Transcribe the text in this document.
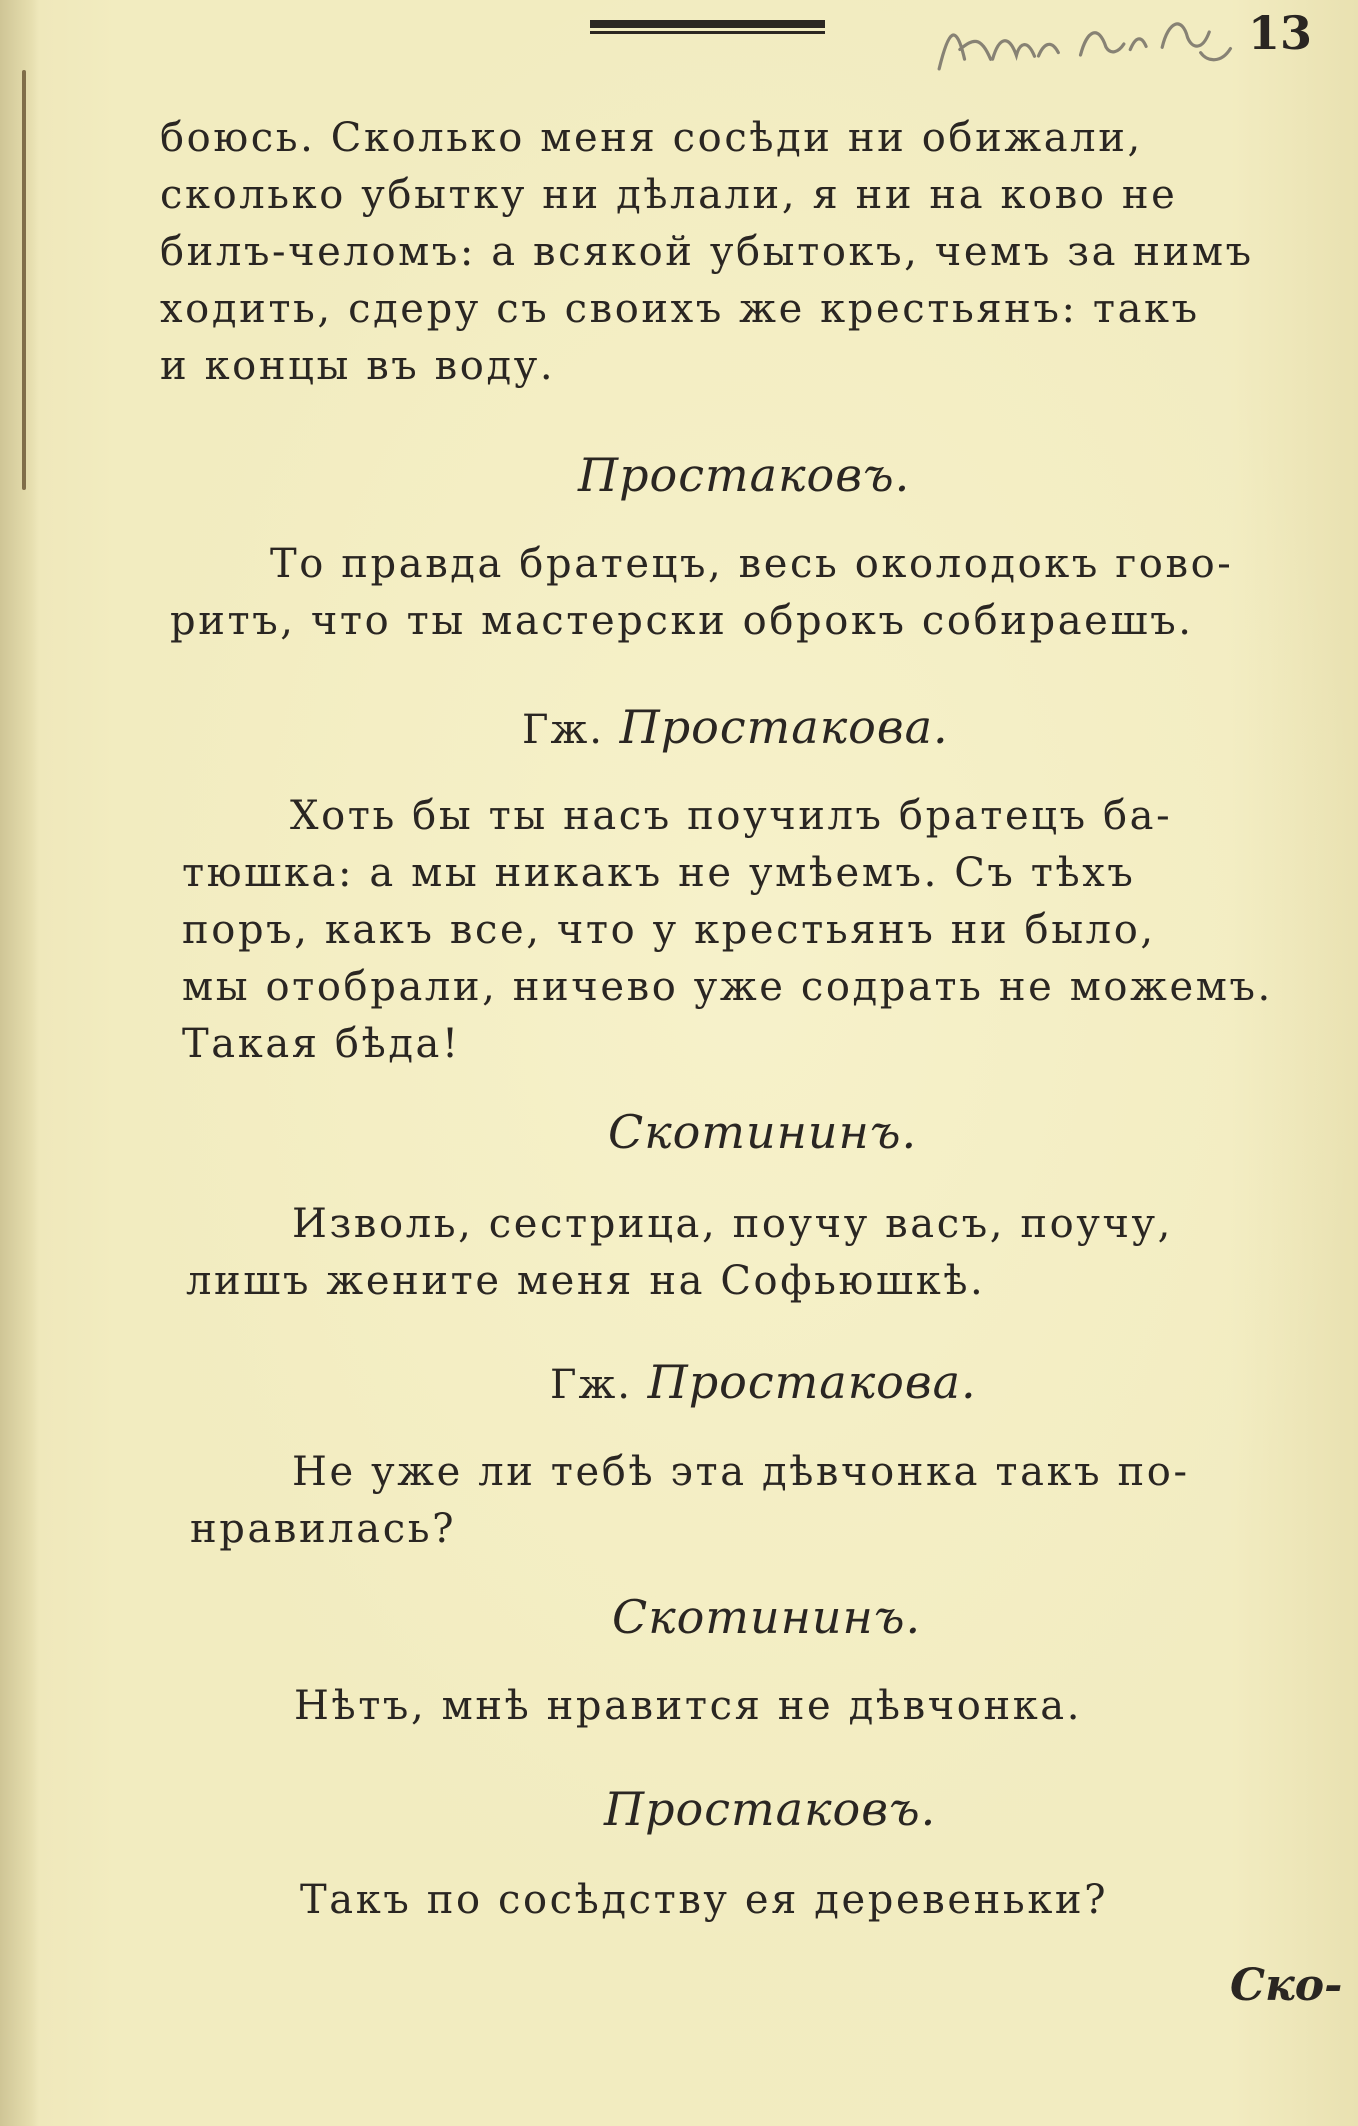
13
боюсь. Сколько меня сосѣди ни обижали,
сколько убытку ни дѣлали, я ни на ково не
билъ-челомъ: а всякой убытокъ, чемъ за нимъ
ходить, сдеру съ своихъ же крестьянъ: такъ
и концы въ воду.
Простаковъ.
То правда братецъ, весь околодокъ гово-
ритъ, что ты мастерски оброкъ собираешъ.
Гж. Простакова.
Хоть бы ты насъ поучилъ братецъ ба-
тюшка: а мы никакъ не умѣемъ. Съ тѣхъ
поръ, какъ все, что у крестьянъ ни было,
мы отобрали, ничево уже содрать не можемъ.
Такая бѣда!
Скотининъ.
Изволь, сестрица, поучу васъ, поучу,
лишъ жените меня на Софьюшкѣ.
Гж. Простакова.
Не уже ли тебѣ эта дѣвчонка такъ по-
нравилась?
Скотининъ.
Нѣтъ, мнѣ нравится не дѣвчонка.
Простаковъ.
Такъ по сосѣдству ея деревеньки?
Ско-
